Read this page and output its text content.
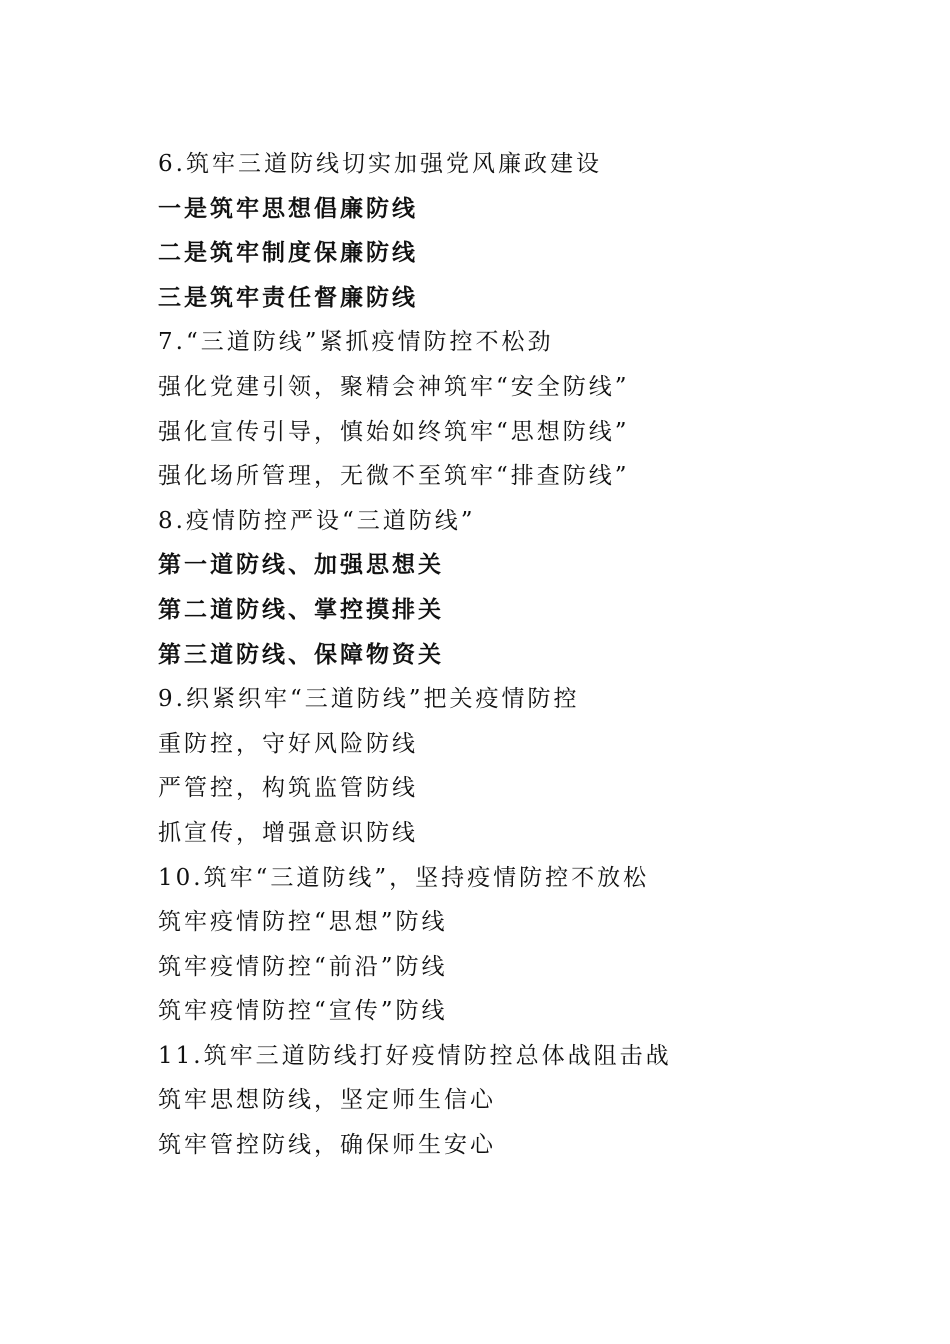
6.筑牢三道防线切实加强党风廉政建设
一是筑牢思想倡廉防线
二是筑牢制度保廉防线
三是筑牢责任督廉防线
7.“三道防线”紧抓疫情防控不松劲
强化党建引领，聚精会神筑牢“安全防线”
强化宣传引导，慎始如终筑牢“思想防线”
强化场所管理，无微不至筑牢“排查防线”
8.疫情防控严设“三道防线”
第一道防线、加强思想关
第二道防线、掌控摸排关
第三道防线、保障物资关
9.织紧织牢“三道防线”把关疫情防控
重防控，守好风险防线
严管控，构筑监管防线
抓宣传，增强意识防线
10.筑牢“三道防线”，坚持疫情防控不放松
筑牢疫情防控“思想”防线
筑牢疫情防控“前沿”防线
筑牢疫情防控“宣传”防线
11.筑牢三道防线打好疫情防控总体战阻击战
筑牢思想防线，坚定师生信心
筑牢管控防线，确保师生安心
